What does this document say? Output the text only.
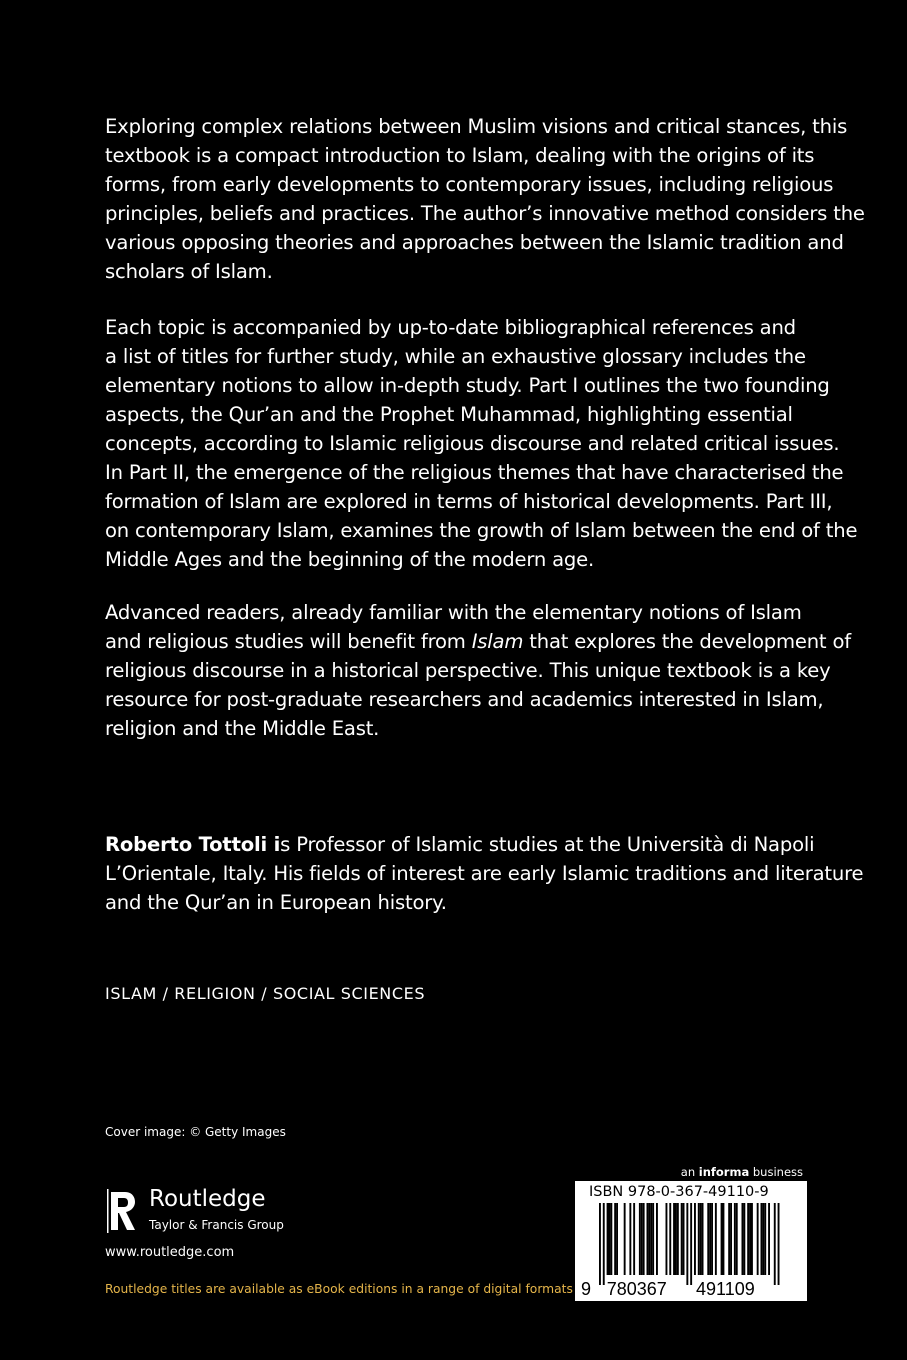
Exploring complex relations between Muslim visions and critical stances, this
textbook is a compact introduction to Islam, dealing with the origins of its
forms, from early developments to contemporary issues, including religious
principles, beliefs and practices. The author’s innovative method considers the
various opposing theories and approaches between the Islamic tradition and
scholars of Islam.
Each topic is accompanied by up-to-date bibliographical references and
a list of titles for further study, while an exhaustive glossary includes the
elementary notions to allow in-depth study. Part I outlines the two founding
aspects, the Qur’an and the Prophet Muhammad, highlighting essential
concepts, according to Islamic religious discourse and related critical issues.
In Part II, the emergence of the religious themes that have characterised the
formation of Islam are explored in terms of historical developments. Part III,
on contemporary Islam, examines the growth of Islam between the end of the
Middle Ages and the beginning of the modern age.
Advanced readers, already familiar with the elementary notions of Islam
and religious studies will benefit from Islam that explores the development of
religious discourse in a historical perspective. This unique textbook is a key
resource for post-graduate researchers and academics interested in Islam,
religion and the Middle East.
Roberto Tottoli is Professor of Islamic studies at the Università di Napoli
L’Orientale, Italy. His fields of interest are early Islamic traditions and literature
and the Qur’an in European history.
ISLAM / RELIGION / SOCIAL SCIENCES
Cover image: © Getty Images
Routledge
Taylor & Francis Group
www.routledge.com
Routledge titles are available as eBook editions in a range of digital formats
an informa business
ISBN 978-0-367-49110-9
9 780367 491109
